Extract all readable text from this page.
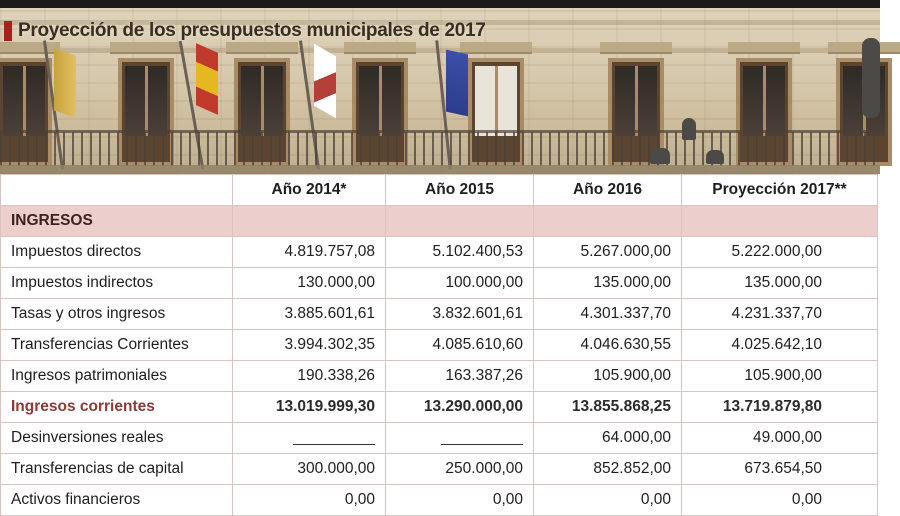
Proyección de los presupuestos municipales de 2017
	Año 2014*	Año 2015	Año 2016	Proyección 2017**
INGRESOS				
Impuestos directos	4.819.757,08	5.102.400,53	5.267.000,00	5.222.000,00
Impuestos indirectos	130.000,00	100.000,00	135.000,00	135.000,00
Tasas y otros ingresos	3.885.601,61	3.832.601,61	4.301.337,70	4.231.337,70
Transferencias Corrientes	3.994.302,35	4.085.610,60	4.046.630,55	4.025.642,10
Ingresos patrimoniales	190.338,26	163.387,26	105.900,00	105.900,00
Ingresos corrientes	13.019.999,30	13.290.000,00	13.855.868,25	13.719.879,80
Desinversiones reales			64.000,00	49.000,00
Transferencias de capital	300.000,00	250.000,00	852.852,00	673.654,50
Activos financieros	0,00	0,00	0,00	0,00
